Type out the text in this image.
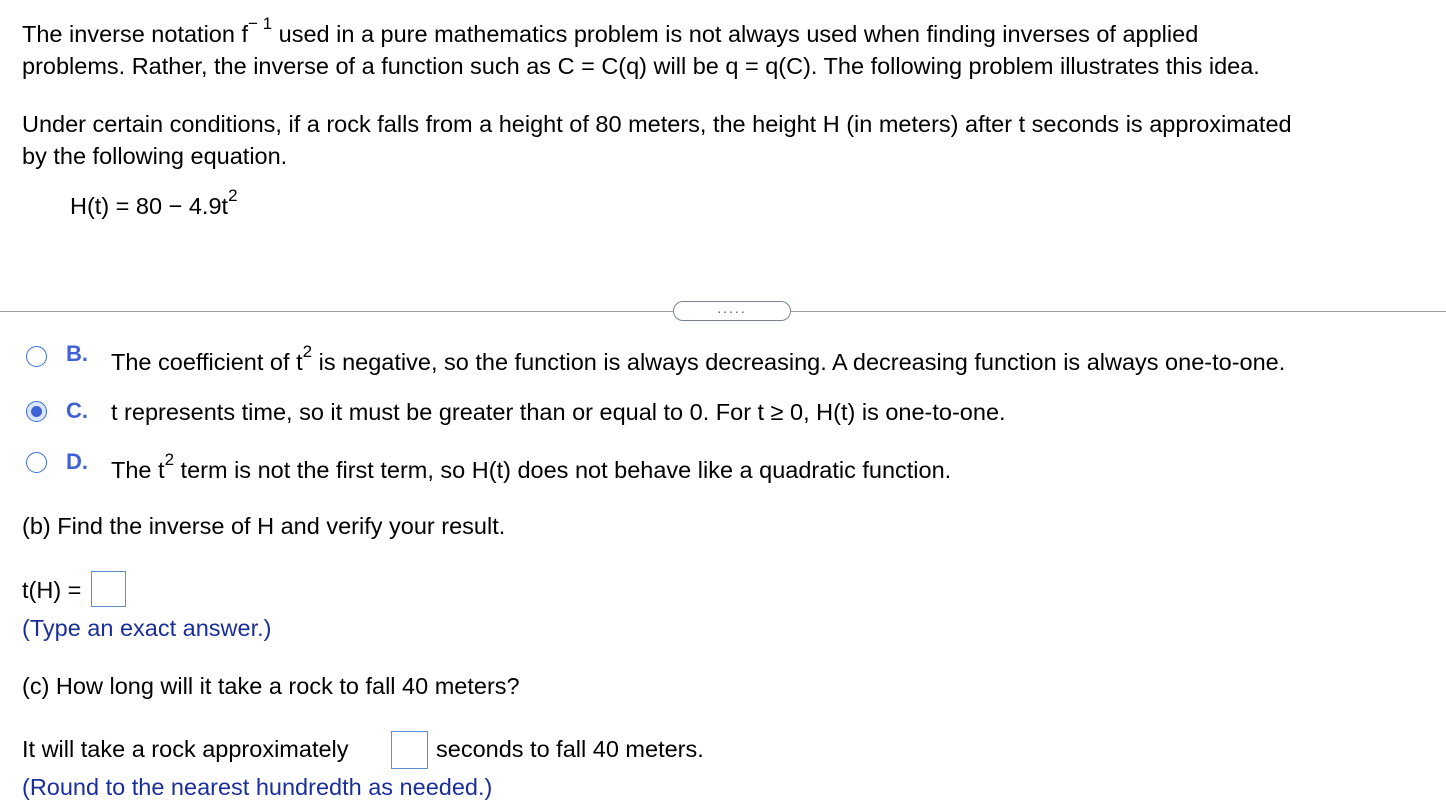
The inverse notation $f^{- 1}$ used in a pure mathematics problem is not always used when finding inverses of applied
problems. Rather, the inverse of a function such as C = C(q) will be q = q(C). The following problem illustrates this idea.
Under certain conditions, if a rock falls from a height of 80 meters, the height H (in meters) after t seconds is approximated
by the following equation.
$H(t) = 80 - 4.9t^2$
.....
B. The coefficient of $t^2$ is negative, so the function is always decreasing. A decreasing function is always one-to-one.
C. t represents time, so it must be greater than or equal to 0. For t ≥ 0, H(t) is one-to-one.
D. The $t^2$ term is not the first term, so H(t) does not behave like a quadratic function.
(b) Find the inverse of H and verify your result.
t(H) =
(Type an exact answer.)
(c) How long will it take a rock to fall 40 meters?
It will take a rock approximately	seconds to fall 40 meters.
(Round to the nearest hundredth as needed.)
